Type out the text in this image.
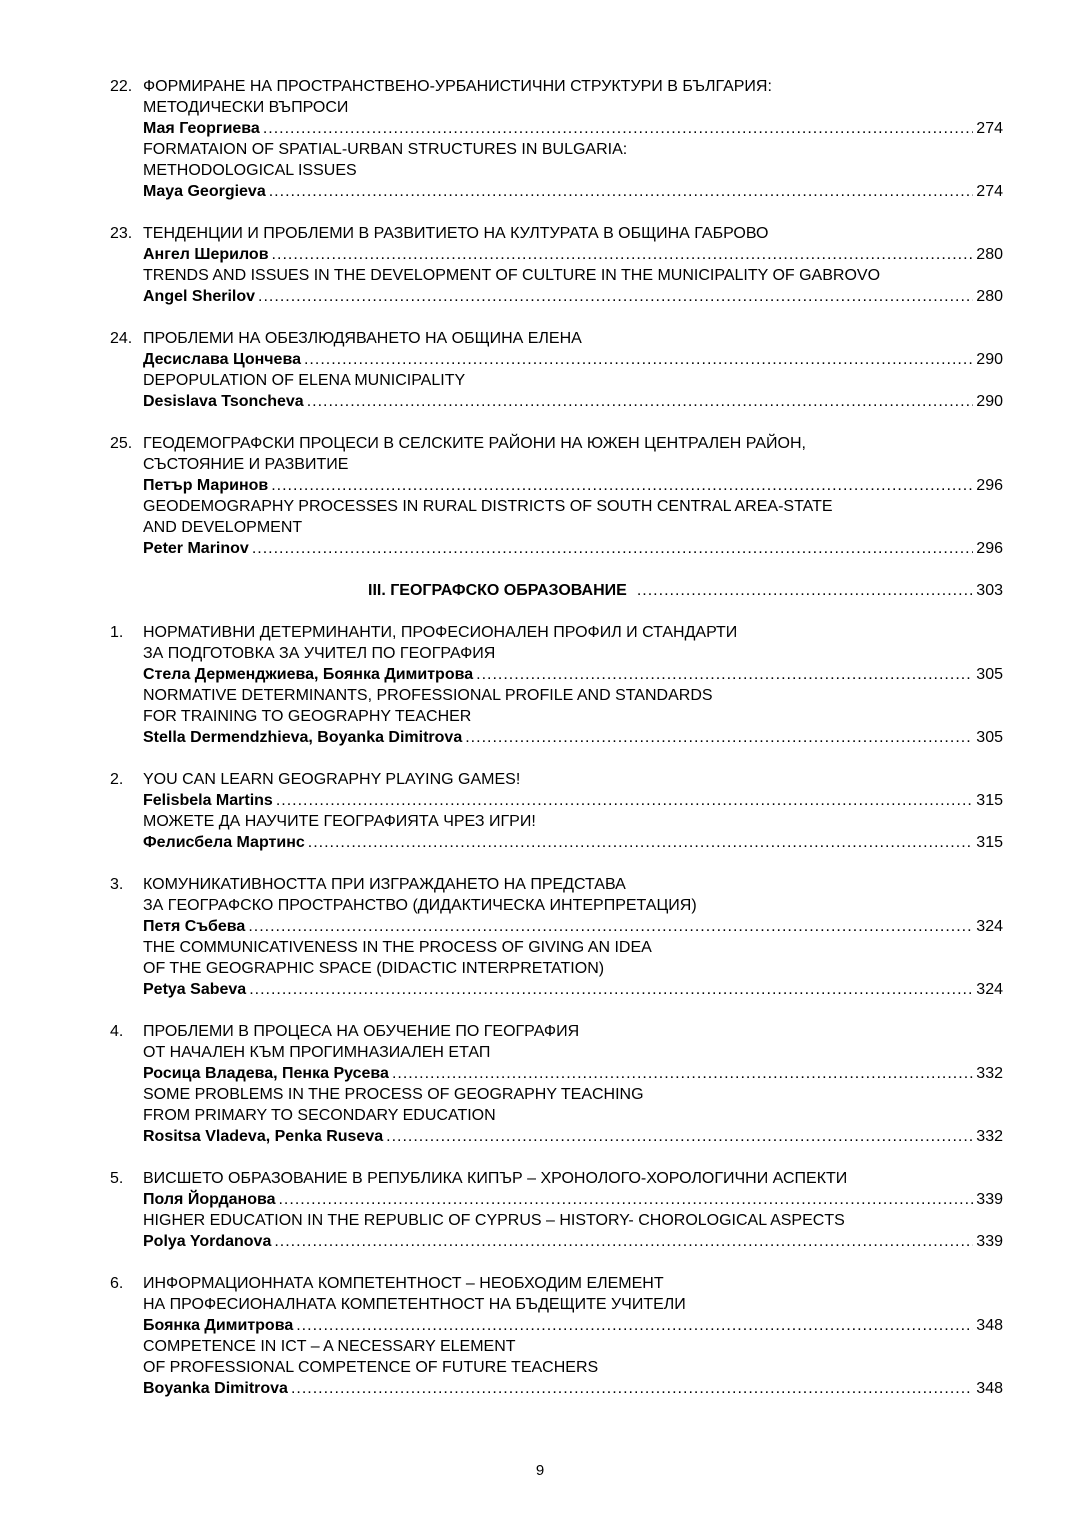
22. ФОРМИРАНЕ НА ПРОСТРАНСТВЕНО-УРБАНИСТИЧНИ СТРУКТУРИ В БЪЛГАРИЯ:
МЕТОДИЧЕСКИ ВЪПРОСИ
Мая Георгиева .....	274
FORMATAION OF SPATIAL-URBAN STRUCTURES IN BULGARIA:
METHODOLOGICAL ISSUES
Maya Georgieva .....	274
23. ТЕНДЕНЦИИ И ПРОБЛЕМИ В РАЗВИТИЕТО НА КУЛТУРАТА В ОБЩИНА ГАБРОВО
Ангел Шерилов .....	280
TRENDS AND ISSUES IN THE DEVELOPMENT OF CULTURE IN THE MUNICIPALITY OF GABROVO
Angel Sherilov .....	280
24. ПРОБЛЕМИ НА ОБЕЗЛЮДЯВАНЕТО НА ОБЩИНА ЕЛЕНА
Десислава Цончева .....	290
DEPOPULATION OF ELENA MUNICIPALITY
Desislava Tsoncheva .....	290
25. ГЕОДЕМОГРАФСКИ ПРОЦЕСИ В СЕЛСКИТЕ РАЙОНИ НА ЮЖЕН ЦЕНТРАЛЕН РАЙОН,
СЪСТОЯНИЕ И РАЗВИТИЕ
Петър Маринов .....	296
GEODEMOGRAPHY PROCESSES IN RURAL DISTRICTS OF SOUTH CENTRAL AREA-STATE
AND DEVELOPMENT
Peter Marinov .....	296
III. ГЕОГРАФСКО ОБРАЗОВАНИЕ .....	303
1.	НОРМАТИВНИ ДЕТЕРМИНАНТИ, ПРОФЕСИОНАЛЕН ПРОФИЛ И СТАНДАРТИ
ЗА ПОДГОТОВКА ЗА УЧИТЕЛ ПО ГЕОГРАФИЯ
Стела Дерменджиева, Боянка Димитрова .....	305
NORMATIVE DETERMINANTS, PROFESSIONAL PROFILE AND STANDARDS
FOR TRAINING TO GEOGRAPHY TEACHER
Stella Dermendzhieva, Boyanka Dimitrova .....	305
2.	YOU CAN LEARN GEOGRAPHY PLAYING GAMES!
Felisbela Martins .....	315
МОЖЕТЕ ДА НАУЧИТЕ ГЕОГРАФИЯТА ЧРЕЗ ИГРИ!
Фелисбела Мартинс .....	315
3.	КОМУНИКАТИВНОСТТА ПРИ ИЗГРАЖДАНЕТО НА ПРЕДСТАВА
ЗА ГЕОГРАФСКО ПРОСТРАНСТВО (ДИДАКТИЧЕСКА ИНТЕРПРЕТАЦИЯ)
Петя Събева .....	324
THE COMMUNICATIVENESS IN THE PROCESS OF GIVING AN IDEA
OF THE GEOGRAPHIC SPACE (DIDACTIC INTERPRETATION)
Petya Sabeva .....	324
4.	ПРОБЛЕМИ В ПРОЦЕСА НА ОБУЧЕНИЕ ПО ГЕОГРАФИЯ
ОТ НАЧАЛЕН КЪМ ПРОГИМНАЗИАЛЕН ЕТАП
Росица Владева, Пенка Русева .....	332
SOME PROBLEMS IN THE PROCESS OF GEOGRAPHY TEACHING
FROM PRIMARY TO SECONDARY EDUCATION
Rositsa Vladeva, Penka Ruseva .....	332
5.	ВИСШЕТО ОБРАЗОВАНИЕ В РЕПУБЛИКА КИПЪР – ХРОНОЛОГО-ХОРОЛОГИЧНИ АСПЕКТИ
Поля Йорданова .....	339
HIGHER EDUCATION IN THE REPUBLIC OF CYPRUS – HISTORY- CHOROLOGICAL ASPECTS
Polya Yordanova .....	339
6.	ИНФОРМАЦИОННАТА КОМПЕТЕНТНОСТ – НЕОБХОДИМ ЕЛЕМЕНТ
НА ПРОФЕСИОНАЛНАТА КОМПЕТЕНТНОСТ НА БЪДЕЩИТЕ УЧИТЕЛИ
Боянка Димитрова .....	348
COMPETENCE IN ICT – A NECESSARY ELEMENT
OF PROFESSIONAL COMPETENCE OF FUTURE TEACHERS
Boyanka Dimitrova .....	348
9
